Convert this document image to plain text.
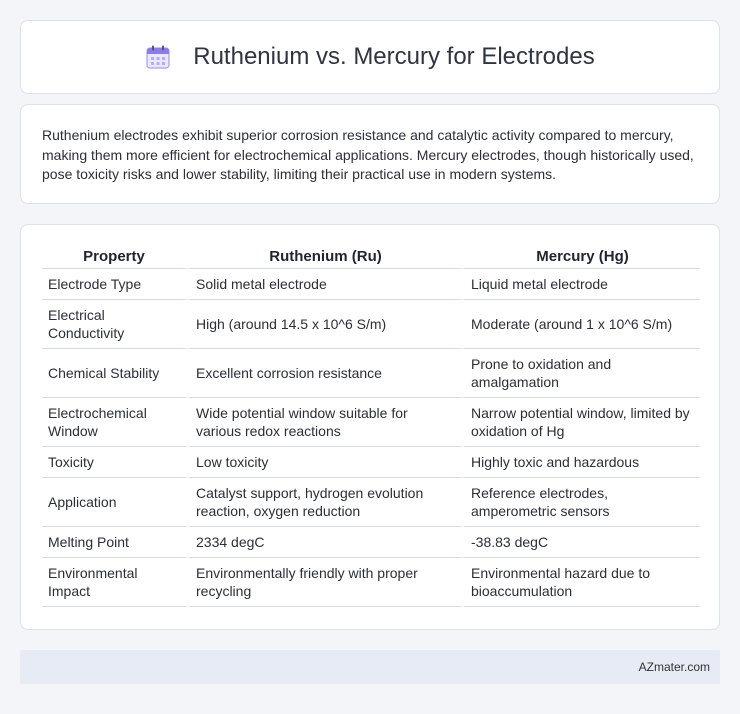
Ruthenium vs. Mercury for Electrodes

Ruthenium electrodes exhibit superior corrosion resistance and catalytic activity compared to mercury, making them more efficient for electrochemical applications. Mercury electrodes, though historically used, pose toxicity risks and lower stability, limiting their practical use in modern systems.

Property	Ruthenium (Ru)	Mercury (Hg)
Electrode Type	Solid metal electrode	Liquid metal electrode
Electrical Conductivity	High (around 14.5 x 10^6 S/m)	Moderate (around 1 x 10^6 S/m)
Chemical Stability	Excellent corrosion resistance	Prone to oxidation and amalgamation
Electrochemical Window	Wide potential window suitable for various redox reactions	Narrow potential window, limited by oxidation of Hg
Toxicity	Low toxicity	Highly toxic and hazardous
Application	Catalyst support, hydrogen evolution reaction, oxygen reduction	Reference electrodes, amperometric sensors
Melting Point	2334 degC	-38.83 degC
Environmental Impact	Environmentally friendly with proper recycling	Environmental hazard due to bioaccumulation
AZmater.com
